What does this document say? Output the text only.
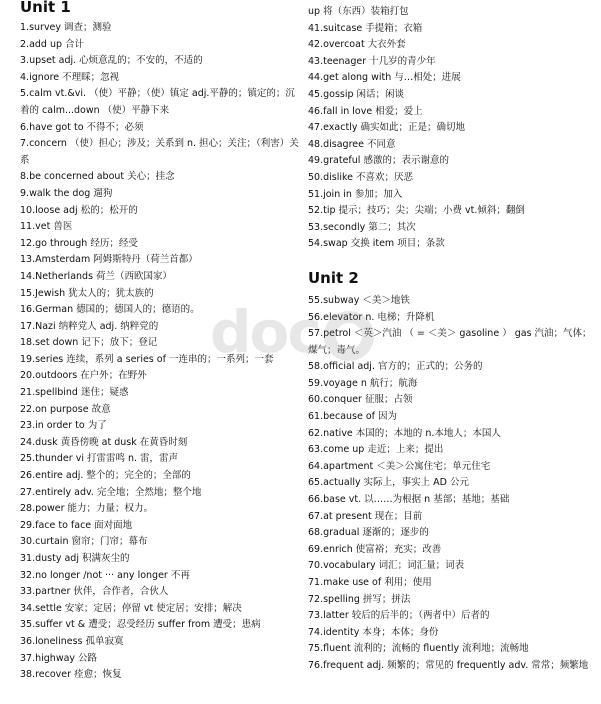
Unit 1
1.survey 调查；测验
2.add up 合计
3.upset adj. 心烦意乱的；不安的，不适的
4.ignore 不理睬；忽视
5.calm vt.&vi. （使）平静；（使）镇定 adj.平静的；镇定的；沉着的 calm...down （使）平静下来
6.have got to 不得不；必须
7.concern （使）担心；涉及；关系到 n. 担心；关注；（利害）关系
8.be concerned about 关心；挂念
9.walk the dog 遛狗
10.loose adj 松的；松开的
11.vet 兽医
12.go through 经历；经受
13.Amsterdam 阿姆斯特丹（荷兰首都）
14.Netherlands 荷兰（西欧国家）
15.Jewish 犹太人的；犹太族的
16.German 德国的；德国人的；德语的。
17.Nazi 纳粹党人 adj. 纳粹党的
18.set down 记下；放下；登记
19.series 连续，系列 a series of 一连串的；一系列；一套
20.outdoors 在户外；在野外
21.spellbind 迷住；疑惑
22.on purpose 故意
23.in order to 为了
24.dusk 黄昏傍晚 at dusk 在黄昏时刻
25.thunder vi 打雷雷鸣 n. 雷，雷声
26.entire adj. 整个的；完全的；全部的
27.entirely adv. 完全地；全然地；整个地
28.power 能力；力量；权力。
29.face to face 面对面地
30.curtain 窗帘；门帘；幕布
31.dusty adj 积满灰尘的
32.no longer /not ··· any longer 不再
33.partner 伙伴，合作者，合伙人
34.settle 安家；定居；停留 vt 使定居；安排；解决
35.suffer vt & 遭受；忍受经历 suffer from 遭受；患病
36.loneliness 孤单寂寞
37.highway 公路
38.recover 痊愈；恢复
up 将（东西）装箱打包
41.suitcase 手提箱；衣箱
42.overcoat 大衣外套
43.teenager 十几岁的青少年
44.get along with 与…相处；进展
45.gossip 闲话；闲谈
46.fall in love 相爱；爱上
47.exactly 确实如此；正是；确切地
48.disagree 不同意
49.grateful 感激的；表示谢意的
50.dislike 不喜欢；厌恶
51.join in 参加；加入
52.tip 提示；技巧；尖；尖端；小费 vt.倾斜；翻倒
53.secondly 第二；其次
54.swap 交换 item 项目；条款
Unit 2
55.subway ＜美＞地铁
56.elevator n. 电梯；升降机
57.petrol ＜英＞汽油 （ = ＜美＞ gasoline ） gas 汽油；气体；煤气；毒气。
58.official adj. 官方的；正式的；公务的
59.voyage n 航行；航海
60.conquer 征服；占领
61.because of 因为
62.native 本国的；本地的 n.本地人；本国人
63.come up 走近；上来；提出
64.apartment ＜美＞公寓住宅；单元住宅
65.actually 实际上，事实上 AD 公元
66.base vt. 以……为根据 n 基部；基地；基础
67.at present 现在；目前
68.gradual 逐渐的；逐步的
69.enrich 使富裕；充实；改善
70.vocabulary 词汇；词汇量；词表
71.make use of 利用；使用
72.spelling 拼写；拼法
73.latter 较后的后半的；（两者中）后者的
74.identity 本身；本体；身份
75.fluent 流利的；流畅的 fluently 流利地；流畅地
76.frequent adj. 频繁的；常见的 frequently adv. 常常；频繁地
doc
